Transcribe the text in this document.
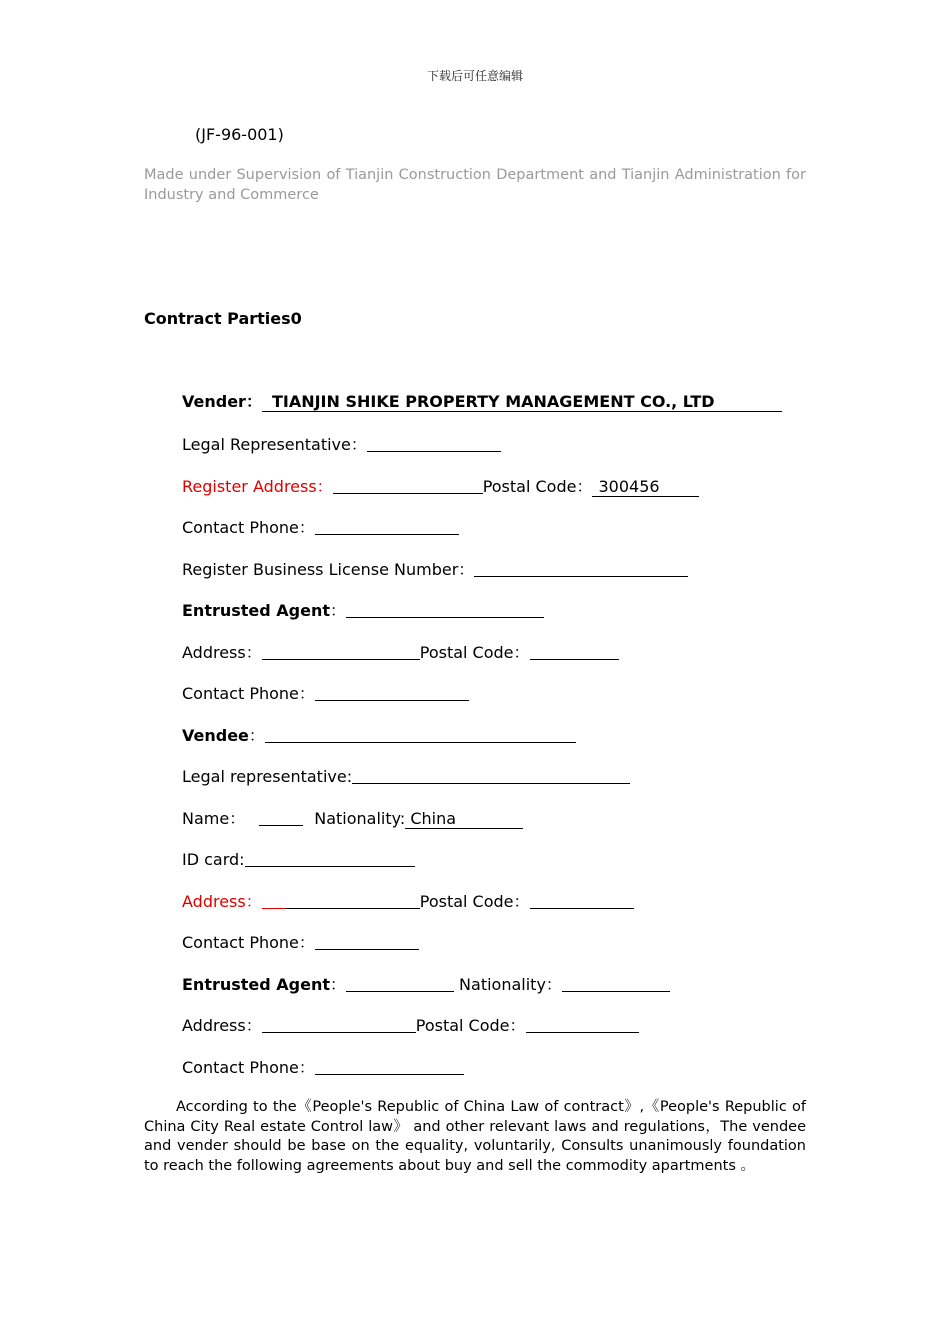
下载后可任意编辑
(JF-96-001)
Made under Supervision of Tianjin Construction Department and Tianjin Administration for Industry and Commerce
Contract Parties0
Vender： TIANJIN SHIKE PROPERTY MANAGEMENT CO., LTD
Legal Representative：
Register Address：	Postal Code： 300456
Contact Phone：
Register Business License Number：
Entrusted Agent：
Address：	Postal Code：
Contact Phone：
Vendee：
Legal representative:
Name：	Nationality: China
ID card:
Address：	Postal Code：
Contact Phone：
Entrusted Agent：	Nationality：
Address：	Postal Code：
Contact Phone：
According to the《People's Republic of China Law of contract》,《People's Republic of China City Real estate Control law》 and other relevant laws and regulations，The vendee and vender should be base on the equality, voluntarily, Consults unanimously foundation to reach the following agreements about buy and sell the commodity apartments 。
